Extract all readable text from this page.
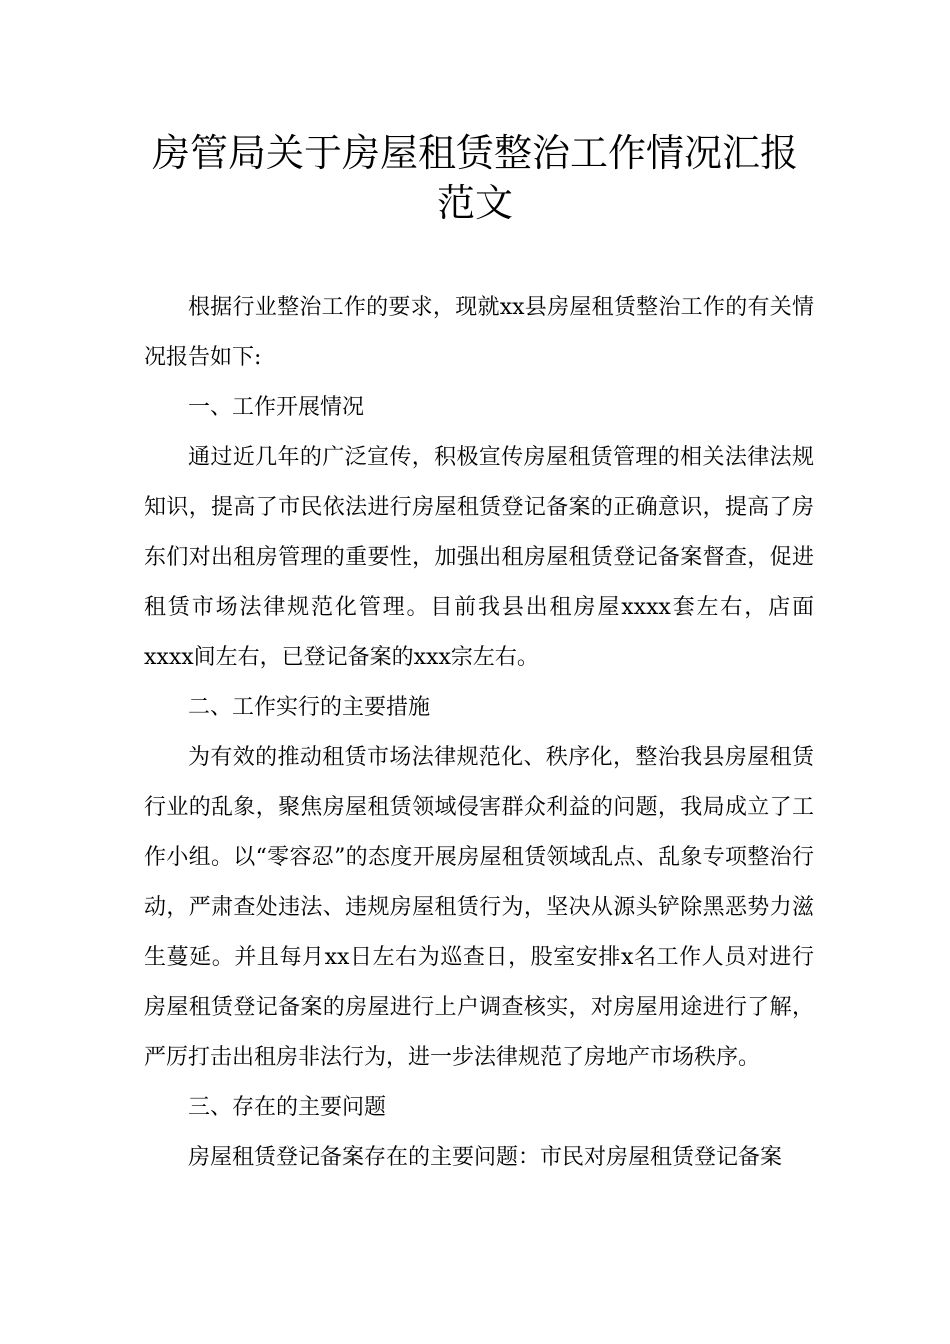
房管局关于房屋租赁整治工作情况汇报
范文

根据行业整治工作的要求，现就xx县房屋租赁整治工作的有关情况报告如下:

一、工作开展情况

通过近几年的广泛宣传，积极宣传房屋租赁管理的相关法律法规知识，提高了市民依法进行房屋租赁登记备案的正确意识，提高了房东们对出租房管理的重要性，加强出租房屋租赁登记备案督查，促进租赁市场法律规范化管理。目前我县出租房屋xxxx套左右，店面xxxx间左右，已登记备案的xxx宗左右。

二、工作实行的主要措施

为有效的推动租赁市场法律规范化、秩序化，整治我县房屋租赁行业的乱象，聚焦房屋租赁领域侵害群众利益的问题，我局成立了工作小组。以“零容忍”的态度开展房屋租赁领域乱点、乱象专项整治行动，严肃查处违法、违规房屋租赁行为，坚决从源头铲除黑恶势力滋生蔓延。并且每月xx日左右为巡查日，股室安排x名工作人员对进行房屋租赁登记备案的房屋进行上户调查核实，对房屋用途进行了解，严厉打击出租房非法行为，进一步法律规范了房地产市场秩序。

三、存在的主要问题

房屋租赁登记备案存在的主要问题：市民对房屋租赁登记备案
